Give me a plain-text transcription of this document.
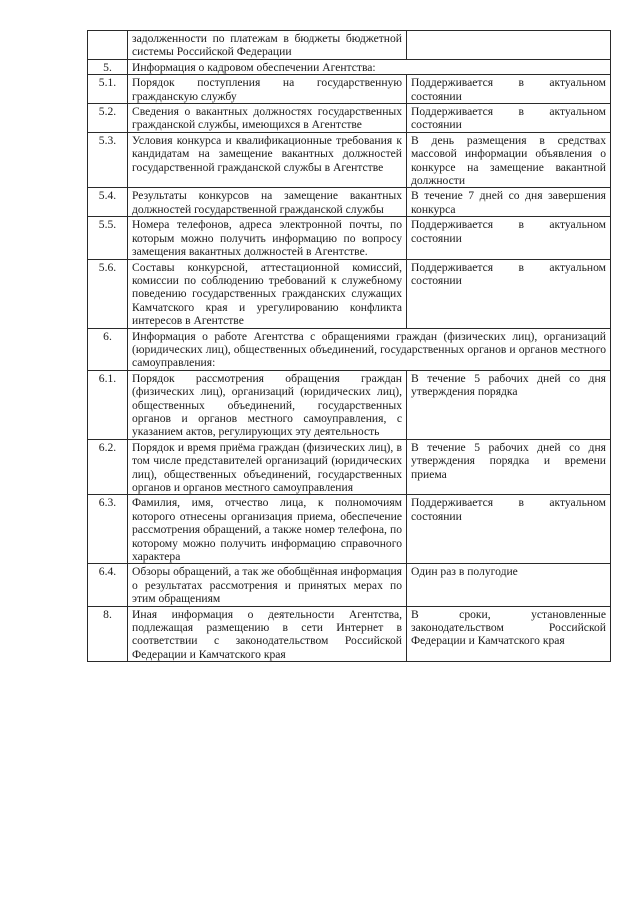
	задолженности по платежам в бюджеты бюджетной системы Российской Федерации	
5.	Информация о кадровом обеспечении Агентства:	
5.1.	Порядок поступления на государственную гражданскую службу	Поддерживается в актуальном состоянии
5.2.	Сведения о вакантных должностях государственных гражданской службы, имеющихся в Агентстве	Поддерживается в актуальном состоянии
5.3.	Условия конкурса и квалификационные требования к кандидатам на замещение вакантных должностей государственной гражданской службы в Агентстве	В день размещения в средствах массовой информации объявления о конкурсе на замещение вакантной должности
5.4.	Результаты конкурсов на замещение вакантных должностей государственной гражданской службы	В течение 7 дней со дня завершения конкурса
5.5.	Номера телефонов, адреса электронной почты, по которым можно получить информацию по вопросу замещения вакантных должностей в Агентстве.	Поддерживается в актуальном состоянии
5.6.	Составы конкурсной, аттестационной комиссий, комиссии по соблюдению требований к служебному поведению государственных гражданских служащих Камчатского края и урегулированию конфликта интересов в Агентстве	Поддерживается в актуальном состоянии
6.	Информация о работе Агентства с обращениями граждан (физических лиц), организаций (юридических лиц), общественных объединений, государственных органов и органов местного самоуправления:	
6.1.	Порядок рассмотрения обращения граждан (физических лиц), организаций (юридических лиц), общественных объединений, государственных органов и органов местного самоуправления, с указанием актов, регулирующих эту деятельность	В течение 5 рабочих дней со дня утверждения порядка
6.2.	Порядок и время приёма граждан (физических лиц), в том числе представителей организаций (юридических лиц), общественных объединений, государственных органов и органов местного самоуправления	В течение 5 рабочих дней со дня утверждения порядка и времени приема
6.3.	Фамилия, имя, отчество лица, к полномочиям которого отнесены организация приема, обеспечение рассмотрения обращений, а также номер телефона, по которому можно получить информацию справочного характера	Поддерживается в актуальном состоянии
6.4.	Обзоры обращений, а так же обобщённая информация о результатах рассмотрения и принятых мерах по этим обращениям	Один раз в полугодие
8.	Иная информация о деятельности Агентства, подлежащая размещению в сети Интернет в соответствии с законодательством Российской Федерации и Камчатского края	В сроки, установленные законодательством Российской Федерации и Камчатского края
